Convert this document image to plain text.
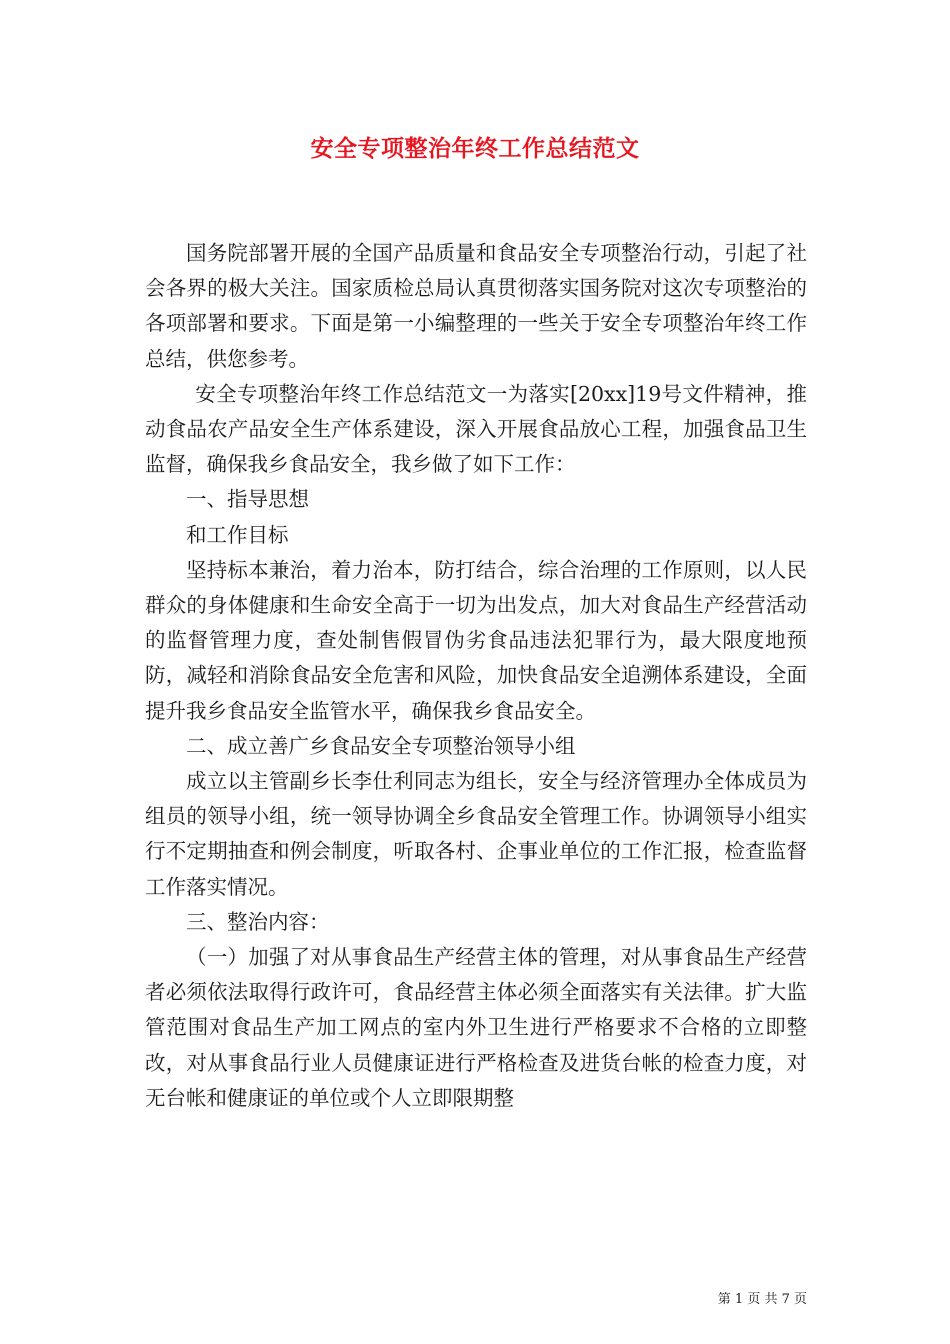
安全专项整治年终工作总结范文

国务院部署开展的全国产品质量和食品安全专项整治行动，引起了社会各界的极大关注。国家质检总局认真贯彻落实国务院对这次专项整治的各项部署和要求。下面是第一小编整理的一些关于安全专项整治年终工作总结，供您参考。

安全专项整治年终工作总结范文一为落实[20xx]19号文件精神，推动食品农产品安全生产体系建设，深入开展食品放心工程，加强食品卫生监督，确保我乡食品安全，我乡做了如下工作：

一、指导思想

和工作目标

坚持标本兼治，着力治本，防打结合，综合治理的工作原则，以人民群众的身体健康和生命安全高于一切为出发点，加大对食品生产经营活动的监督管理力度，查处制售假冒伪劣食品违法犯罪行为，最大限度地预防，减轻和消除食品安全危害和风险，加快食品安全追溯体系建设，全面提升我乡食品安全监管水平，确保我乡食品安全。

二、成立善广乡食品安全专项整治领导小组

成立以主管副乡长李仕利同志为组长，安全与经济管理办全体成员为组员的领导小组，统一领导协调全乡食品安全管理工作。协调领导小组实行不定期抽查和例会制度，听取各村、企事业单位的工作汇报，检查监督工作落实情况。

三、整治内容：

（一）加强了对从事食品生产经营主体的管理，对从事食品生产经营者必须依法取得行政许可，食品经营主体必须全面落实有关法律。扩大监管范围对食品生产加工网点的室内外卫生进行严格要求不合格的立即整改，对从事食品行业人员健康证进行严格检查及进货台帐的检查力度，对无台帐和健康证的单位或个人立即限期整

第 1 页 共 7 页
